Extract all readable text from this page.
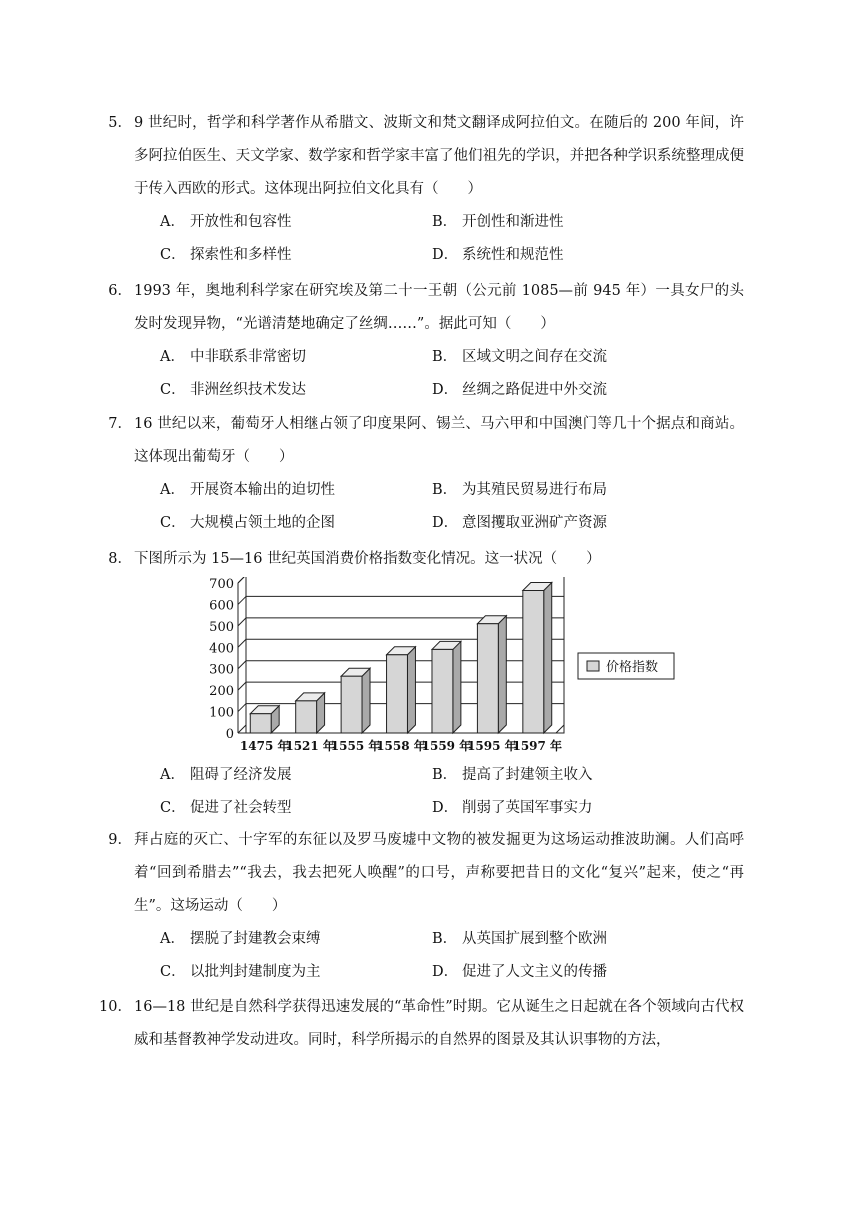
5． 9 世纪时，哲学和科学著作从希腊文、波斯文和梵文翻译成阿拉伯文。在随后的 200 年间，许多阿拉伯医生、天文学家、数学家和哲学家丰富了他们祖先的学识，并把各种学识系统整理成便于传入西欧的形式。这体现出阿拉伯文化具有（　　）

A． 开放性和包容性	B． 开创性和渐进性
C． 探索性和多样性	D． 系统性和规范性
6． 1993 年，奥地利科学家在研究埃及第二十一王朝（公元前 1085—前 945 年）一具女尸的头发时发现异物，“光谱清楚地确定了丝绸……”。据此可知（　　）

A． 中非联系非常密切	B． 区域文明之间存在交流
C． 非洲丝织技术发达	D． 丝绸之路促进中外交流
7． 16 世纪以来，葡萄牙人相继占领了印度果阿、锡兰、马六甲和中国澳门等几十个据点和商站。这体现出葡萄牙（　　）

A． 开展资本输出的迫切性	B． 为其殖民贸易进行布局
C． 大规模占领土地的企图	D． 意图攫取亚洲矿产资源
8． 下图所示为 15—16 世纪英国消费价格指数变化情况。这一状况（　　）

0
100
200
300
400
500
600
700
1475 年
1521 年
1555 年
1558 年
1559 年
1595 年
1597 年
价格指数
A． 阻碍了经济发展	B． 提高了封建领主收入
C． 促进了社会转型	D． 削弱了英国军事实力
9． 拜占庭的灭亡、十字军的东征以及罗马废墟中文物的被发掘更为这场运动推波助澜。人们高呼着“回到希腊去”“我去，我去把死人唤醒”的口号，声称要把昔日的文化“复兴”起来，使之“再生”。这场运动（　　）

A． 摆脱了封建教会束缚	B． 从英国扩展到整个欧洲
C． 以批判封建制度为主	D． 促进了人文主义的传播
10． 16—18 世纪是自然科学获得迅速发展的“革命性”时期。它从诞生之日起就在各个领域向古代权威和基督教神学发动进攻。同时，科学所揭示的自然界的图景及其认识事物的方法，
